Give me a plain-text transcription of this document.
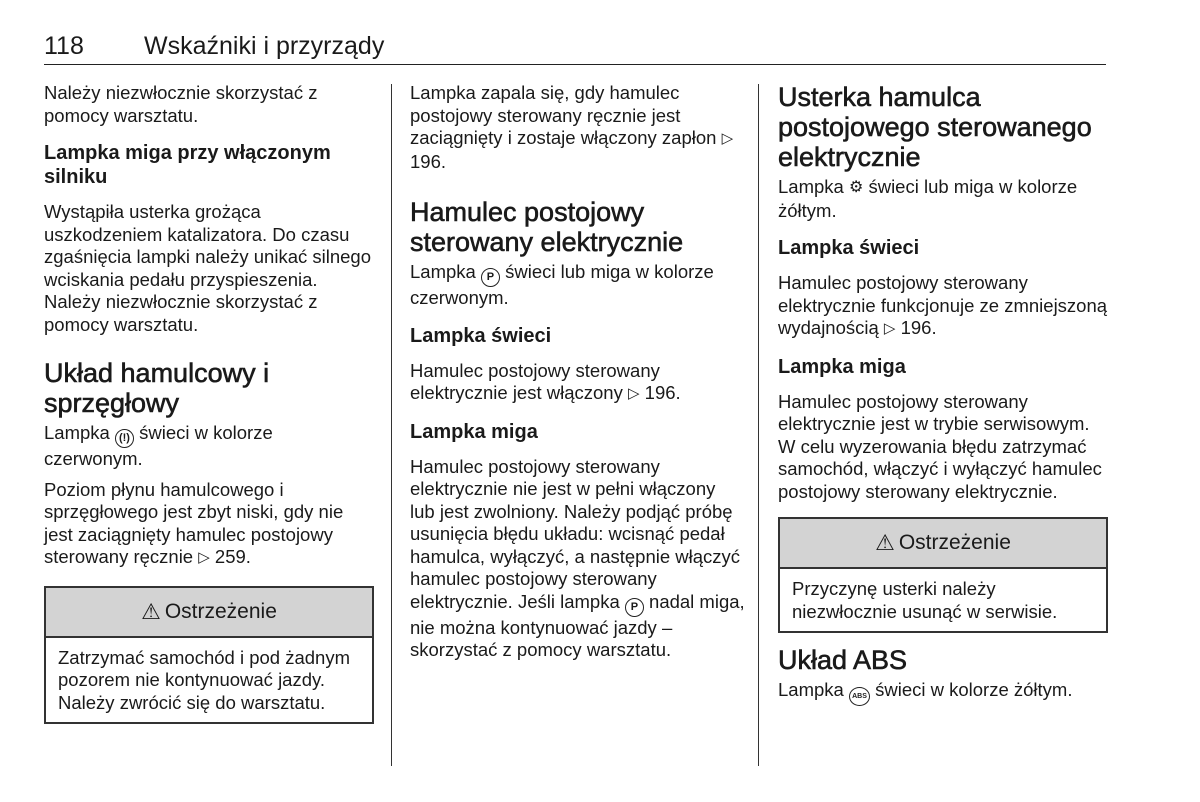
118 Wskaźniki i przyrządy

Należy niezwłocznie skorzystać z pomocy warsztatu.

Lampka miga przy włączonym silniku

Wystąpiła usterka grożąca uszkodzeniem katalizatora. Do czasu zgaśnięcia lampki należy unikać silnego wciskania pedału przyspieszenia. Należy niezwłocznie skorzystać z pomocy warsztatu.

Układ hamulcowy i sprzęgłowy

Lampka (!) świeci w kolorze czerwonym.

Poziom płynu hamulcowego i sprzęgłowego jest zbyt niski, gdy nie jest zaciągnięty hamulec postojowy sterowany ręcznie ▷ 259.

⚠ Ostrzeżenie

Zatrzymać samochód i pod żadnym pozorem nie kontynuować jazdy. Należy zwrócić się do warsztatu.

Lampka zapala się, gdy hamulec postojowy sterowany ręcznie jest zaciągnięty i zostaje włączony zapłon ▷ 196.

Hamulec postojowy sterowany elektrycznie

Lampka P świeci lub miga w kolorze czerwonym.

Lampka świeci

Hamulec postojowy sterowany elektrycznie jest włączony ▷ 196.

Lampka miga

Hamulec postojowy sterowany elektrycznie nie jest w pełni włączony lub jest zwolniony. Należy podjąć próbę usunięcia błędu układu: wcisnąć pedał hamulca, wyłączyć, a następnie włączyć hamulec postojowy sterowany elektrycznie. Jeśli lampka P nadal miga, nie można kontynuować jazdy – skorzystać z pomocy warsztatu.

Usterka hamulca postojowego sterowanego elektrycznie

Lampka ⚙ świeci lub miga w kolorze żółtym.

Lampka świeci

Hamulec postojowy sterowany elektrycznie funkcjonuje ze zmniejszoną wydajnością ▷ 196.

Lampka miga

Hamulec postojowy sterowany elektrycznie jest w trybie serwisowym. W celu wyzerowania błędu zatrzymać samochód, włączyć i wyłączyć hamulec postojowy sterowany elektrycznie.

⚠ Ostrzeżenie

Przyczynę usterki należy niezwłocznie usunąć w serwisie.

Układ ABS

Lampka ABS świeci w kolorze żółtym.
